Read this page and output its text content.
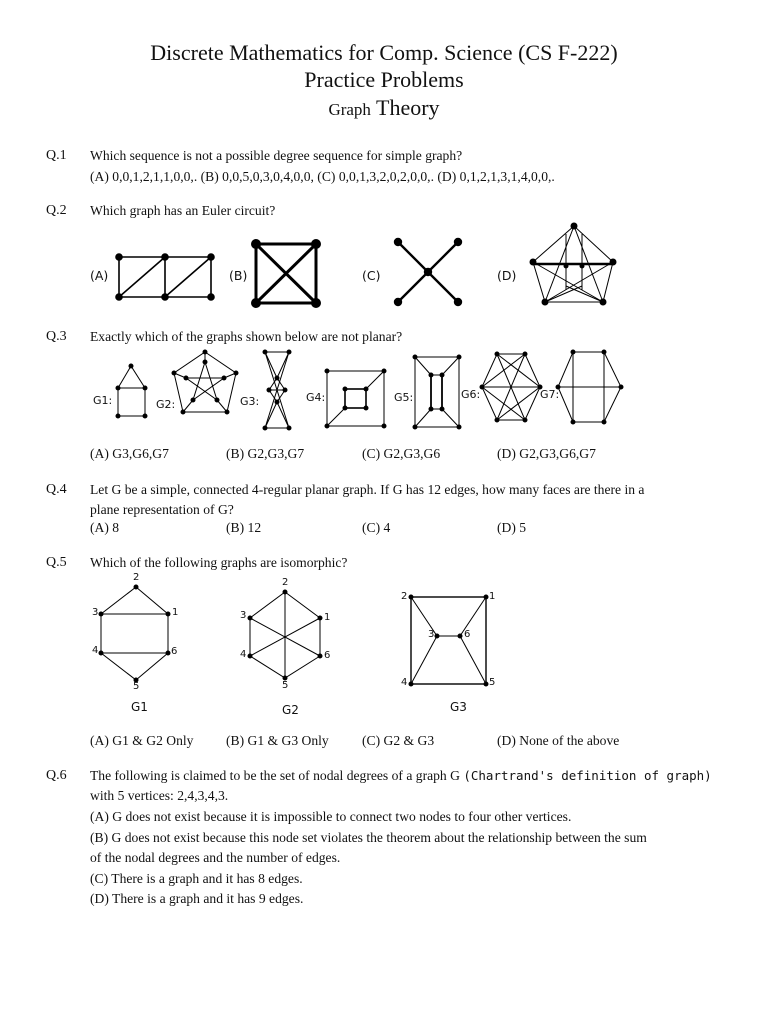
Discrete Mathematics for Comp. Science (CS F-222)
Practice Problems
Graph Theory
Q.1 Which sequence is not a possible degree sequence for simple graph?
(A) 0,0,1,2,1,1,0,0,. (B) 0,0,5,0,3,0,4,0,0, (C) 0,0,1,3,2,0,2,0,0,. (D) 0,1,2,1,3,1,4,0,0,.
Q.2 Which graph has an Euler circuit?
(A)	(B)	(C)	(D)
Q.3 Exactly which of the graphs shown below are not planar?
G1:	G2:	G3:	G4:	G5:	G6:	G7:
(A) G3,G6,G7	(B) G2,G3,G7	(C) G2,G3,G6	(D) G2,G3,G6,G7
Q.4 Let G be a simple, connected 4-regular planar graph. If G has 12 edges, how many faces are there in a
plane representation of G?
(A) 8	(B) 12	(C) 4	(D) 5
Q.5 Which of the following graphs are isomorphic?
2
1
3
4	6
5
2
3	1
4	6
5
2	1
3	6
4	5
G1	G2	G3
(A) G1 & G2 Only (B) G1 & G3 Only (C) G2 & G3	(D) None of the above
Q.6 The following is claimed to be the set of nodal degrees of a graph G (Chartrand's definition of graph)
with 5 vertices: 2,4,3,4,3.
(A) G does not exist because it is impossible to connect two nodes to four other vertices.
(B) G does not exist because this node set violates the theorem about the relationship between the sum
of the nodal degrees and the number of edges.
(C) There is a graph and it has 8 edges.
(D) There is a graph and it has 9 edges.
